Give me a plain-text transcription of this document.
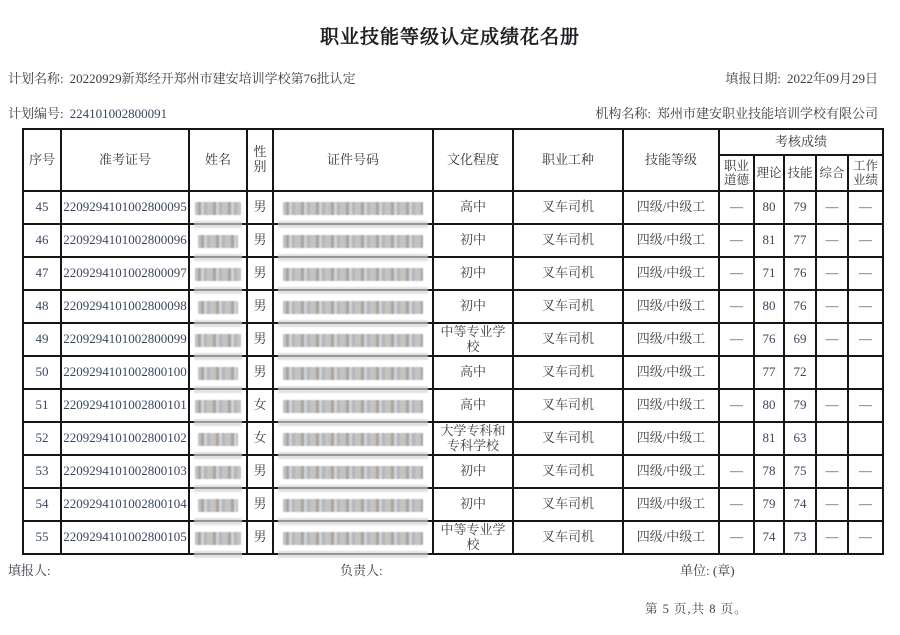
职业技能等级认定成绩花名册
计划名称: 20220929新郑经开郑州市建安培训学校第76批认定	填报日期: 2022年09月29日
计划编号: 224101002800091	机构名称: 郑州市建安职业技能培训学校有限公司
序号	准考证号	姓名	性别	证件号码	文化程度	职业工种	技能等级	考核成绩				
								职业道德	理论	技能	综合	工作业绩
45	2209294101002800095		男		高中	叉车司机	四级/中级工	—	80	79	—	—
46	2209294101002800096		男		初中	叉车司机	四级/中级工	—	81	77	—	—
47	2209294101002800097		男		初中	叉车司机	四级/中级工	—	71	76	—	—
48	2209294101002800098		男		初中	叉车司机	四级/中级工	—	80	76	—	—
49	2209294101002800099		男		中等专业学校	叉车司机	四级/中级工	—	76	69	—	—
50	2209294101002800100		男		高中	叉车司机	四级/中级工		77	72		
51	2209294101002800101		女		高中	叉车司机	四级/中级工	—	80	79	—	—
52	2209294101002800102		女		大学专科和专科学校	叉车司机	四级/中级工		81	63		
53	2209294101002800103		男		初中	叉车司机	四级/中级工	—	78	75	—	—
54	2209294101002800104		男		初中	叉车司机	四级/中级工	—	79	74	—	—
55	2209294101002800105		男		中等专业学校	叉车司机	四级/中级工	—	74	73	—	—
填报人:	负责人:	单位: (章)
第 5 页,共 8 页。
